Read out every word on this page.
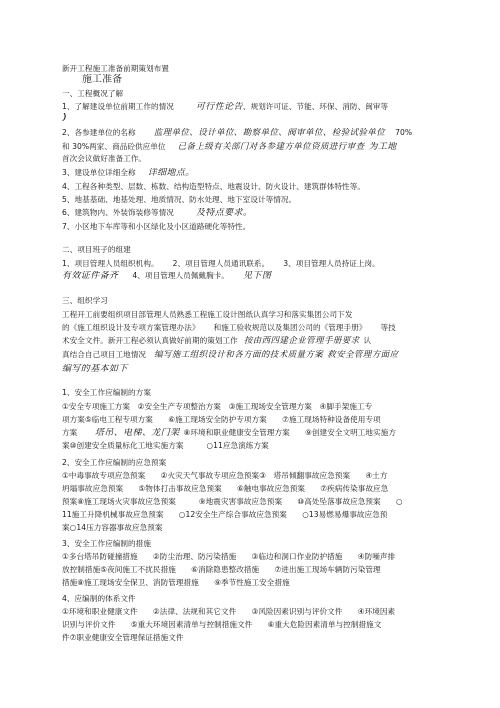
新开工程施工准备前期策划布置
施工准备
一、工程概况了解
1、了解建设单位前期工作的情况 可行性论告、规划许可证、节能、环保、消防、闽审等
）
2、各参建单位的名称 监理单位、设计单位、勘察单位、阀审单位、检验试验单位 70%
和 30%两家、商品砼供应单位 已备上级有关部门对各参建方单位资质进行审查 为工地
首次会议做好准备工作。
3、建设单位详细全称 详细地点。
4、工程各种类型、层数、栋数、结构造型特点、地震设计、防火设计、建筑群体特性等。
5、地基基础、地基处理、地质情况、防水处理、地下室设计等情况。
6、建筑物内、外装饰装修等情况 及特点要求。
7、小区地下车库等和小区绿化及小区道路硬化等特性。
二、项目班子的组建
1、项目管理人员组织机构。 2、项目管理人员通讯联系。 3、项目管理人员持证上岗。
有效证件备齐 4、项目管理人员佩戴胸卡。 见下图
三、组织学习
工程开工前要组织项目部管理人员熟悉工程施工设计图纸认真学习和落实集团公司下发
的《施工组织设计及专项方案管理办法》 和施工验收规范以及集团公司的《管理手册》 等技
术安全文件。新开工程必须认真做好前期的策划工作 按由西四建企业管理手册要求 认
真结合自己项目工地情况 编写施工组织设计和各方面的技术质量方案 救安全管理方面应
编写的基本如下
1、安全工作应编制的方案
①安全专项施工方案　②安全生产专项整治方案　③施工现场安全管理方案　④脚手架施工专
项方案⑤临电工程专项方案　　⑥施工现场安全防护专项方案　　⑦施工现场特种设备使用专项
方案　塔吊、电梯、龙门架 ⑧环境和职业健康安全管理方案　　⑨创建安全文明工地实施方
案⑩创建安全质量标化工地实施方案　　　○11应急演练方案
2、安全工作应编制的应急预案
①中毒事故专项应急预案　　②火灾天气事故专项应急预案③　塔吊倾翻事故应急预案　　④土方
坍塌事故应急预案　　⑤物体打击事故应急预案　　⑥触电事故应急预案　　⑦疾病传染事故应急
预案⑧施工现场火灾事故应急预案　　　⑨地震灾害事故应急预案　　⑩高处坠落事故应急预案　　○
11施工升降机械事故应急预案　　○12安全生产综合事故应急预案　　○13易燃易爆事故应急预
案○14压力容器事故应急预案
3、安全工作应编制的措施
①多台塔吊防碰撞措施　　②防尘治理、防污染措施　　③临边和洞口作业防护措施　　④防噪声排
放控制措施⑤夜间施工不扰民措施　　⑥消除隐患整改措施　　⑦进出施工现场车辆防污染管理
措施⑧施工现场安全保卫、消防管理措施　　⑨季节性施工安全措施
4、应编制的体系文件
①环境和职业健康文件　　②法律、法规和其它文件　　③风险因素识别与评价文件　　④环境因素
识别与评价文件　　⑤重大环境因素清单与控制措施文件　　⑥重大危险因素清单与控制措施文
件⑦职业健康安全管理保证措施文件
